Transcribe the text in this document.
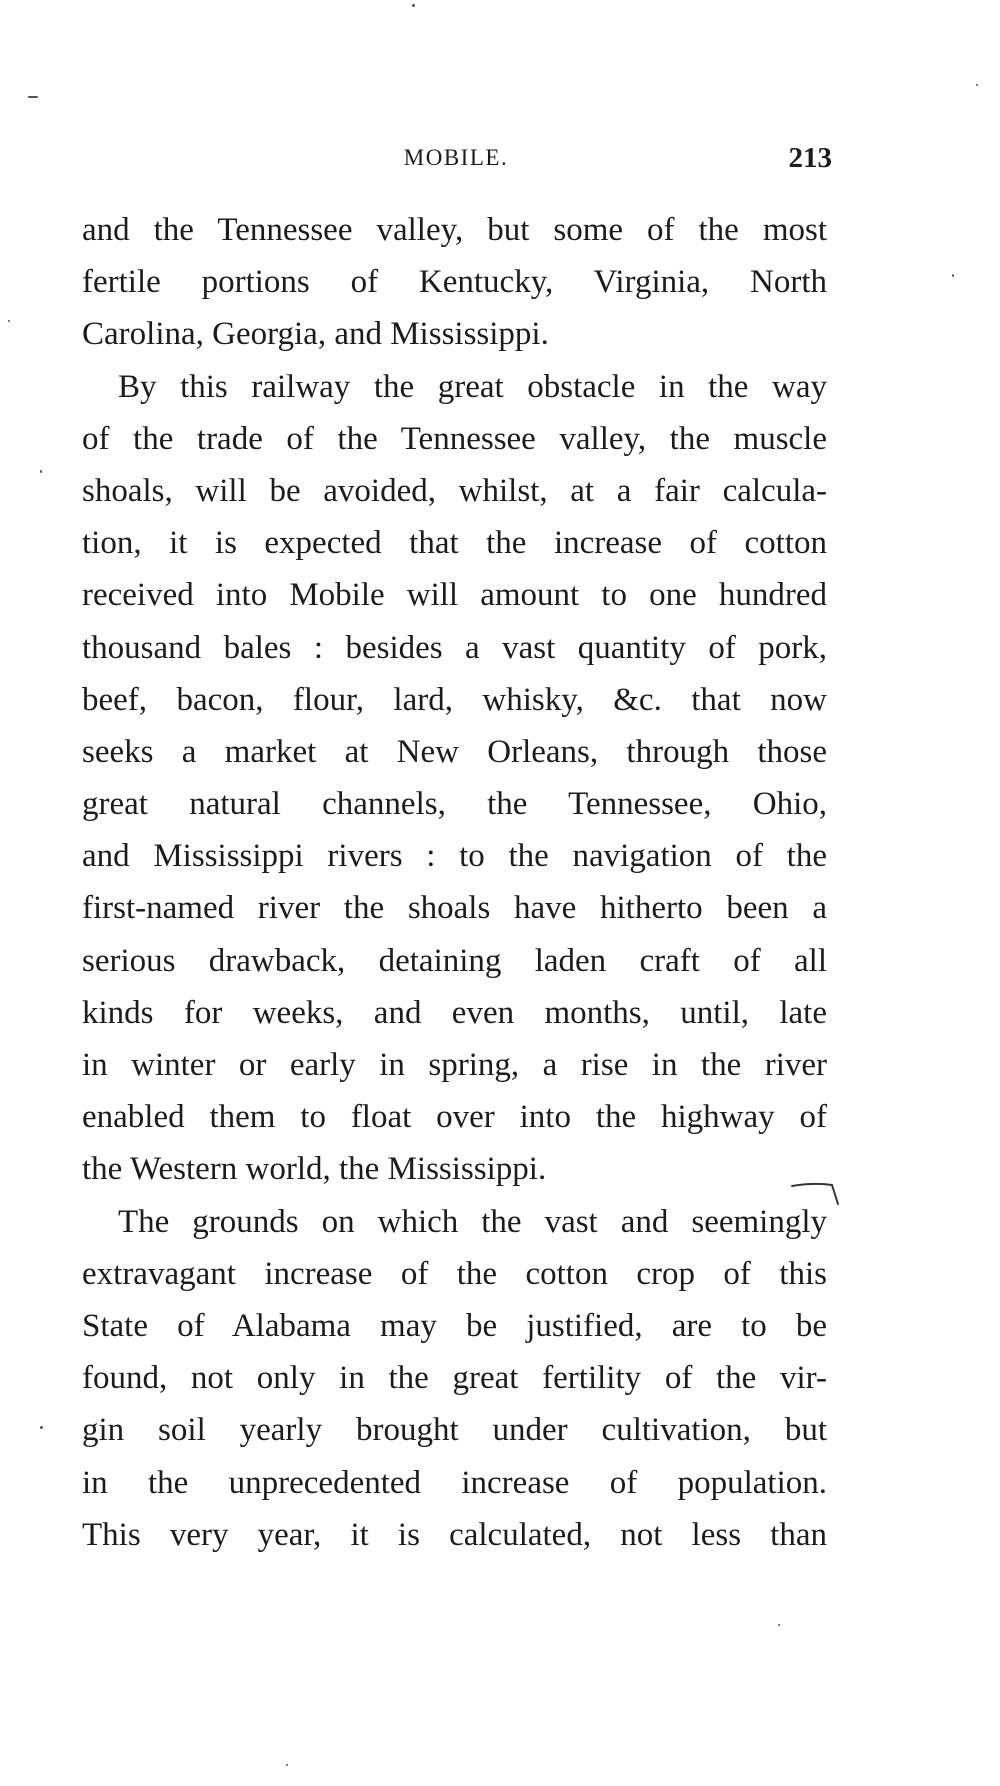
MOBILE.	213
and the Tennessee valley, but some of the most
fertile portions of Kentucky, Virginia, North
Carolina, Georgia, and Mississippi.
By this railway the great obstacle in the way
of the trade of the Tennessee valley, the muscle
shoals, will be avoided, whilst, at a fair calcula-
tion, it is expected that the increase of cotton
received into Mobile will amount to one hundred
thousand bales : besides a vast quantity of pork,
beef, bacon, flour, lard, whisky, &c. that now
seeks a market at New Orleans, through those
great natural channels, the Tennessee, Ohio,
and Mississippi rivers : to the navigation of the
first-named river the shoals have hitherto been a
serious drawback, detaining laden craft of all
kinds for weeks, and even months, until, late
in winter or early in spring, a rise in the river
enabled them to float over into the highway of
the Western world, the Mississippi.
The grounds on which the vast and seemingly
extravagant increase of the cotton crop of this
State of Alabama may be justified, are to be
found, not only in the great fertility of the vir-
gin soil yearly brought under cultivation, but
in the unprecedented increase of population.
This very year, it is calculated, not less than
